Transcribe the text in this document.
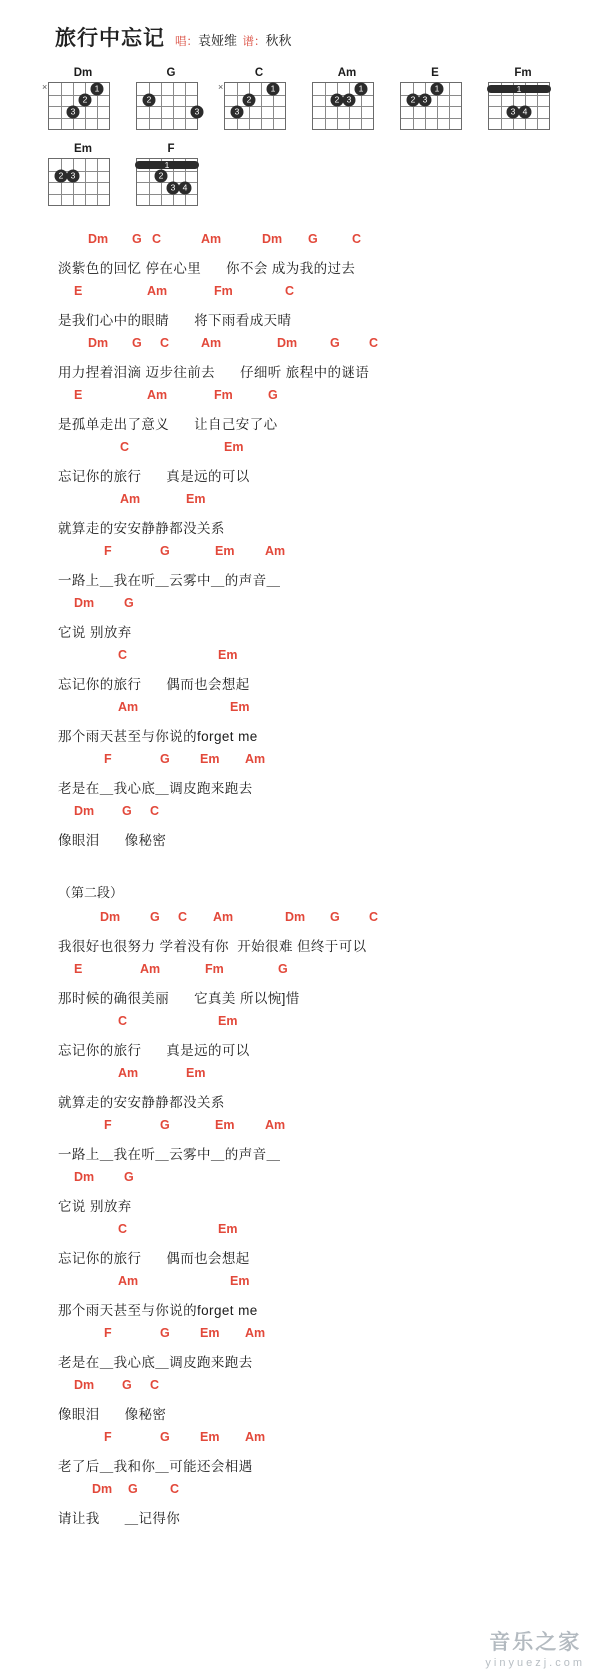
旅行中忘记 唱：袁娅维 谱：秋秋
Dm
×	1
2
3
G
2
3
C
×	1
2
3
Am
1
2 3
E
1
2 3
Fm
1
3 4
Em
2 3
F
1
2
3 4
Dm G C	Am	Dm G	C
淡紫色的回忆 停在心里      你不会 成为我的过去
E	Am	Fm	C
是我们心中的眼睛      将下雨看成天晴
Dm G C	Am	Dm	G C
用力捏着泪滴 迈步往前去      仔细听 旅程中的谜语
E	Am	Fm	G
是孤单走出了意义      让自己安了心
C	Em
忘记你的旅行      真是远的可以
Am	Em
就算走的安安静静都没关系
F	G	Em Am
一路上＿我在听＿云雾中＿的声音＿
Dm G
它说 别放弃
C	Em
忘记你的旅行      偶而也会想起
Am	Em
那个雨天甚至与你说的forget me
F	G Em Am
老是在＿我心底＿调皮跑来跑去
Dm G C
像眼泪      像秘密
（第二段）
Dm G C Am	Dm G C
我很好也很努力 学着没有你  开始很难 但终于可以
E	Am	Fm	G
那时候的确很美丽      它真美 所以惋]惜
C	Em
忘记你的旅行      真是远的可以
Am	Em
就算走的安安静静都没关系
F	G	Em Am
一路上＿我在听＿云雾中＿的声音＿
Dm G
它说 别放弃
C	Em
忘记你的旅行      偶而也会想起
Am	Em
那个雨天甚至与你说的forget me
F	G Em Am
老是在＿我心底＿调皮跑来跑去
Dm G C
像眼泪      像秘密
F	G Em Am
老了后＿我和你＿可能还会相遇
Dm G	C
请让我      ＿记得你
音乐之家
yinyuezj.com
